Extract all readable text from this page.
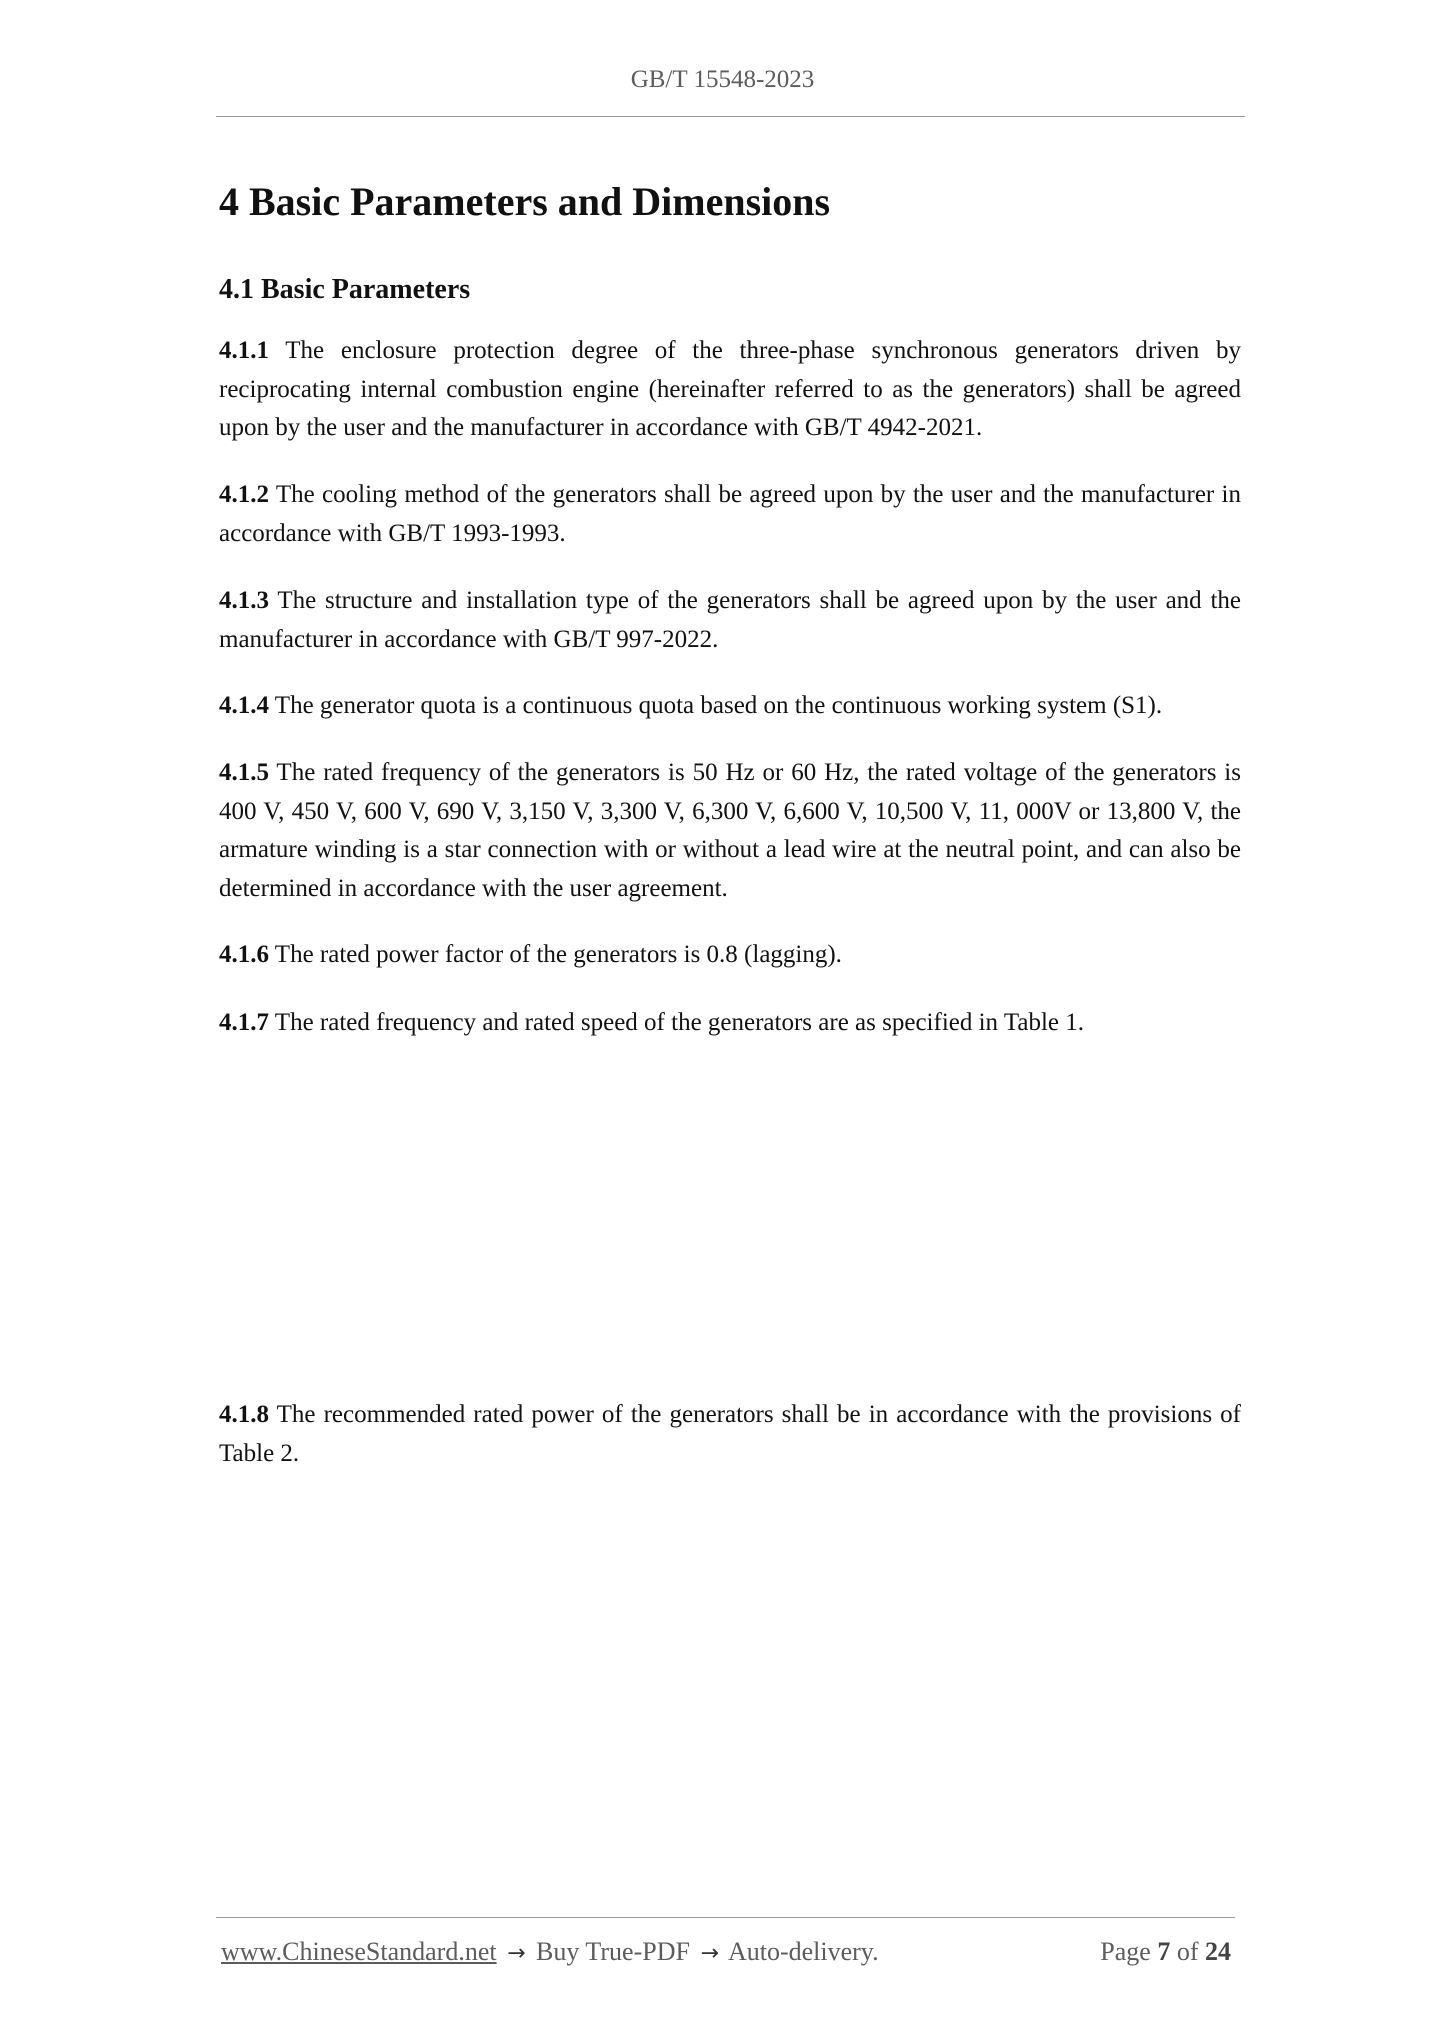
GB/T 15548-2023
4 Basic Parameters and Dimensions
4.1 Basic Parameters

4.1.1 The enclosure protection degree of the three-phase synchronous generators driven by reciprocating internal combustion engine (hereinafter referred to as the generators) shall be agreed upon by the user and the manufacturer in accordance with GB/T 4942-2021.

4.1.2 The cooling method of the generators shall be agreed upon by the user and the manufacturer in accordance with GB/T 1993-1993.

4.1.3 The structure and installation type of the generators shall be agreed upon by the user and the manufacturer in accordance with GB/T 997-2022.

4.1.4 The generator quota is a continuous quota based on the continuous working system (S1).

4.1.5 The rated frequency of the generators is 50 Hz or 60 Hz, the rated voltage of the generators is 400 V, 450 V, 600 V, 690 V, 3,150 V, 3,300 V, 6,300 V, 6,600 V, 10,500 V, 11, 000V or 13,800 V, the armature winding is a star connection with or without a lead wire at the neutral point, and can also be determined in accordance with the user agreement.

4.1.6 The rated power factor of the generators is 0.8 (lagging).

4.1.7 The rated frequency and rated speed of the generators are as specified in Table 1.

4.1.8 The recommended rated power of the generators shall be in accordance with the provisions of Table 2.

www.ChineseStandard.net → Buy True-PDF → Auto-delivery.	Page 7 of 24
